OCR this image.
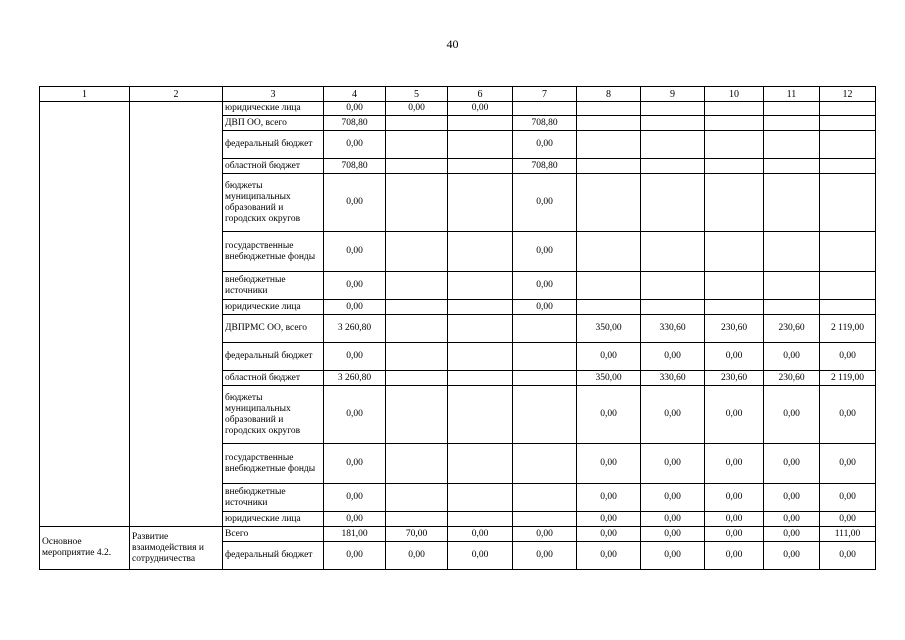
40
1	2	3	4	5	6	7	8	9	10	11	12
		юридические лица	0,00	0,00	0,00						
		ДВП ОО, всего	708,80			708,80					
		федеральный бюджет	0,00			0,00					
		областной бюджет	708,80			708,80					
		бюджеты муниципальных образований и городских округов	0,00			0,00					
		государственные внебюджетные фонды	0,00			0,00					
		внебюджетные источники	0,00			0,00					
		юридические лица	0,00			0,00					
		ДВПРМС ОО, всего	3 260,80				350,00	330,60	230,60	230,60	2 119,00
		федеральный бюджет	0,00				0,00	0,00	0,00	0,00	0,00
		областной бюджет	3 260,80				350,00	330,60	230,60	230,60	2 119,00
		бюджеты муниципальных образований и городских округов	0,00				0,00	0,00	0,00	0,00	0,00
		государственные внебюджетные фонды	0,00				0,00	0,00	0,00	0,00	0,00
		внебюджетные источники	0,00				0,00	0,00	0,00	0,00	0,00
		юридические лица	0,00				0,00	0,00	0,00	0,00	0,00
Основное мероприятие 4.2.	Развитие взаимодействия и сотрудничества	Всего	181,00	70,00	0,00	0,00	0,00	0,00	0,00	0,00	111,00
		федеральный бюджет	0,00	0,00	0,00	0,00	0,00	0,00	0,00	0,00	0,00
